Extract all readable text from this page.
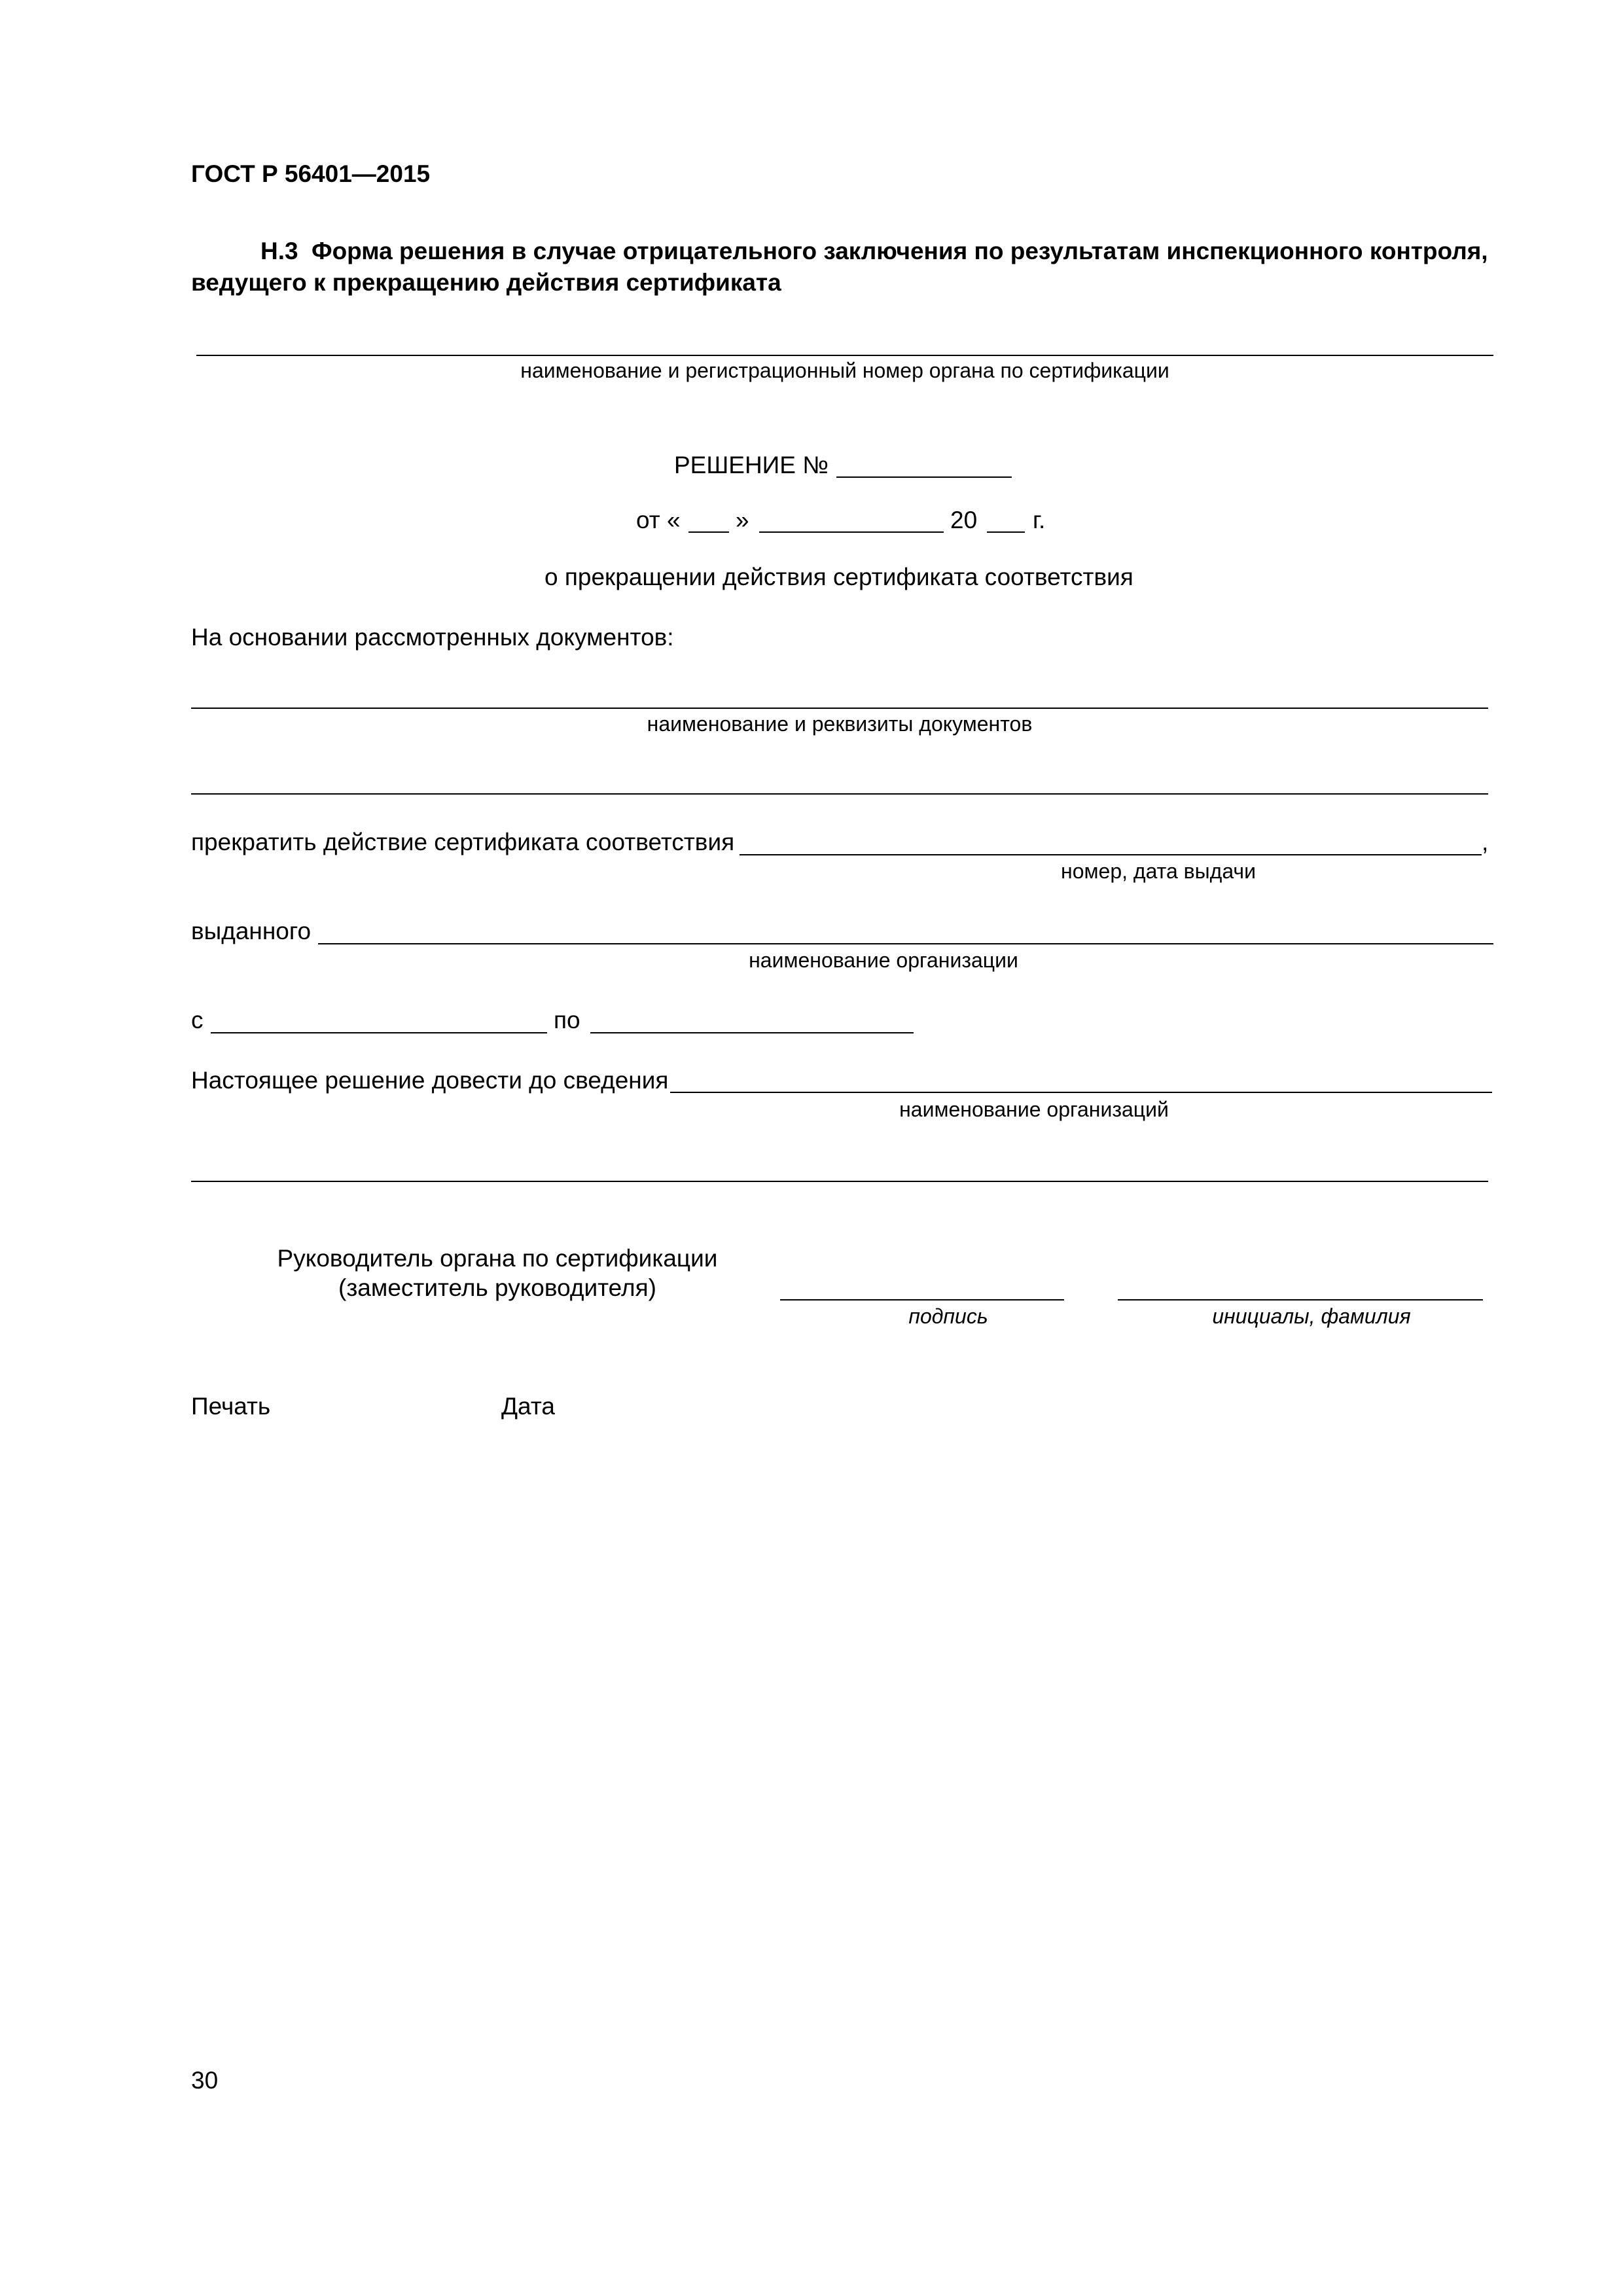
ГОСТ Р 56401—2015
Н.3 Форма решения в случае отрицательного заключения по результатам инспекционного контроля,
ведущего к прекращению действия сертификата
наименование и регистрационный номер органа по сертификации
РЕШЕНИЕ №
от « »	20 г.
о прекращении действия сертификата соответствия
На основании рассмотренных документов:
наименование и реквизиты документов
прекратить действие сертификата соответствия	,
номер, дата выдачи
выданного
наименование организации
с	по
Настоящее решение довести до сведения
наименование организаций
Руководитель органа по сертификации
(заместитель руководителя)
подпись	инициалы, фамилия
Печать	Дата
30
